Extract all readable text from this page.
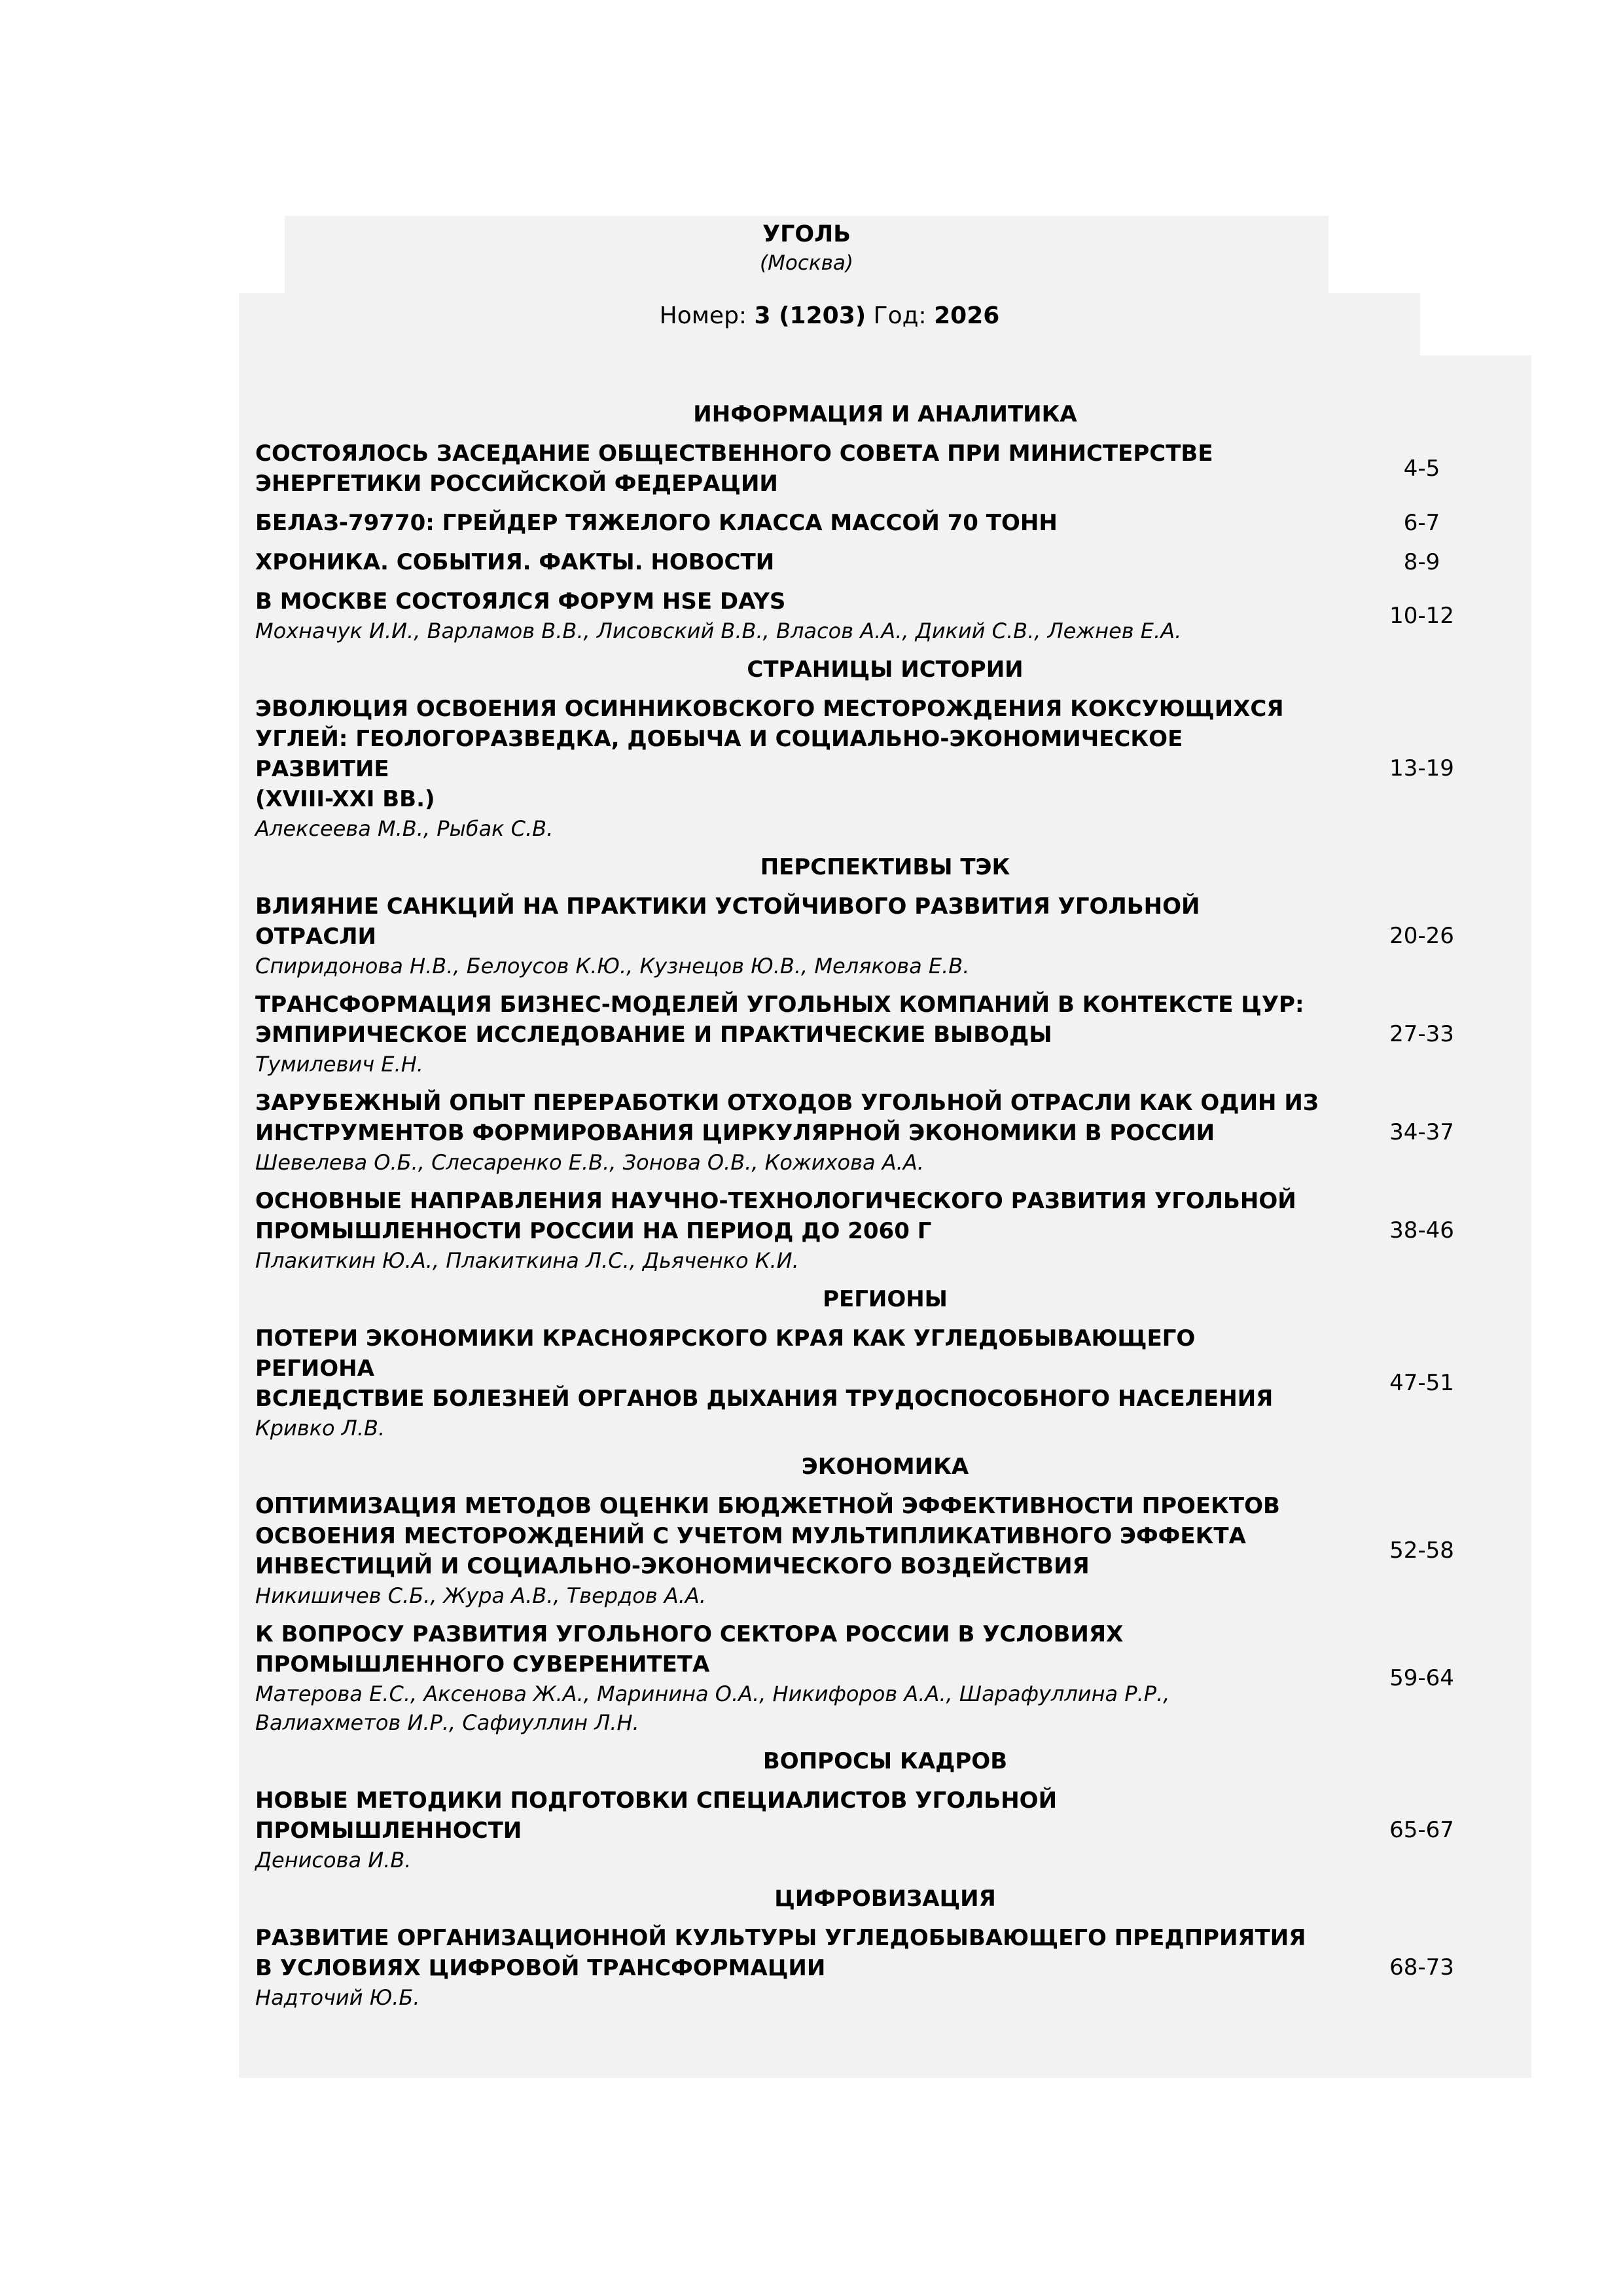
УГОЛЬ
(Москва)
Номер: 3 (1203) Год: 2026
ИНФОРМАЦИЯ И АНАЛИТИКА
СОСТОЯЛОСЬ ЗАСЕДАНИЕ ОБЩЕСТВЕННОГО СОВЕТА ПРИ МИНИСТЕРСТВЕ
ЭНЕРГЕТИКИ РОССИЙСКОЙ ФЕДЕРАЦИИ
4-5
БЕЛАЗ-79770: ГРЕЙДЕР ТЯЖЕЛОГО КЛАССА МАССОЙ 70 ТОНН	6-7
ХРОНИКА. СОБЫТИЯ. ФАКТЫ. НОВОСТИ	8-9
В МОСКВЕ СОСТОЯЛСЯ ФОРУМ HSE DAYS
Мохначук И.И., Варламов В.В., Лисовский В.В., Власов А.А., Дикий С.В., Лежнев Е.А.
10-12
СТРАНИЦЫ ИСТОРИИ
ЭВОЛЮЦИЯ ОСВОЕНИЯ ОСИННИКОВСКОГО МЕСТОРОЖДЕНИЯ КОКСУЮЩИХСЯ
УГЛЕЙ: ГЕОЛОГОРАЗВЕДКА, ДОБЫЧА И СОЦИАЛЬНО-ЭКОНОМИЧЕСКОЕ РАЗВИТИЕ
(XVIII-XXI ВВ.)
Алексеева М.В., Рыбак С.В.
13-19
ПЕРСПЕКТИВЫ ТЭК
ВЛИЯНИЕ САНКЦИЙ НА ПРАКТИКИ УСТОЙЧИВОГО РАЗВИТИЯ УГОЛЬНОЙ
ОТРАСЛИ
Спиридонова Н.В., Белоусов К.Ю., Кузнецов Ю.В., Мелякова Е.В.
20-26
ТРАНСФОРМАЦИЯ БИЗНЕС-МОДЕЛЕЙ УГОЛЬНЫХ КОМПАНИЙ В КОНТЕКСТЕ ЦУР:
ЭМПИРИЧЕСКОЕ ИССЛЕДОВАНИЕ И ПРАКТИЧЕСКИЕ ВЫВОДЫ
Тумилевич Е.Н.
27-33
ЗАРУБЕЖНЫЙ ОПЫТ ПЕРЕРАБОТКИ ОТХОДОВ УГОЛЬНОЙ ОТРАСЛИ КАК ОДИН ИЗ
ИНСТРУМЕНТОВ ФОРМИРОВАНИЯ ЦИРКУЛЯРНОЙ ЭКОНОМИКИ В РОССИИ
Шевелева О.Б., Слесаренко Е.В., Зонова О.В., Кожихова А.А.
34-37
ОСНОВНЫЕ НАПРАВЛЕНИЯ НАУЧНО-ТЕХНОЛОГИЧЕСКОГО РАЗВИТИЯ УГОЛЬНОЙ
ПРОМЫШЛЕННОСТИ РОССИИ НА ПЕРИОД ДО 2060 Г
Плакиткин Ю.А., Плакиткина Л.С., Дьяченко К.И.
38-46
РЕГИОНЫ
ПОТЕРИ ЭКОНОМИКИ КРАСНОЯРСКОГО КРАЯ КАК УГЛЕДОБЫВАЮЩЕГО РЕГИОНА
ВСЛЕДСТВИЕ БОЛЕЗНЕЙ ОРГАНОВ ДЫХАНИЯ ТРУДОСПОСОБНОГО НАСЕЛЕНИЯ
Кривко Л.В.
47-51
ЭКОНОМИКА
ОПТИМИЗАЦИЯ МЕТОДОВ ОЦЕНКИ БЮДЖЕТНОЙ ЭФФЕКТИВНОСТИ ПРОЕКТОВ
ОСВОЕНИЯ МЕСТОРОЖДЕНИЙ С УЧЕТОМ МУЛЬТИПЛИКАТИВНОГО ЭФФЕКТА
ИНВЕСТИЦИЙ И СОЦИАЛЬНО-ЭКОНОМИЧЕСКОГО ВОЗДЕЙСТВИЯ
Никишичев С.Б., Жура А.В., Твердов А.А.
52-58
К ВОПРОСУ РАЗВИТИЯ УГОЛЬНОГО СЕКТОРА РОССИИ В УСЛОВИЯХ
ПРОМЫШЛЕННОГО СУВЕРЕНИТЕТА
Матерова Е.С., Аксенова Ж.А., Маринина О.А., Никифоров А.А., Шарафуллина Р.Р.,
Валиахметов И.Р., Сафиуллин Л.Н.
59-64
ВОПРОСЫ КАДРОВ
НОВЫЕ МЕТОДИКИ ПОДГОТОВКИ СПЕЦИАЛИСТОВ УГОЛЬНОЙ
ПРОМЫШЛЕННОСТИ
Денисова И.В.
65-67
ЦИФРОВИЗАЦИЯ
РАЗВИТИЕ ОРГАНИЗАЦИОННОЙ КУЛЬТУРЫ УГЛЕДОБЫВАЮЩЕГО ПРЕДПРИЯТИЯ
В УСЛОВИЯХ ЦИФРОВОЙ ТРАНСФОРМАЦИИ
Надточий Ю.Б.
68-73
